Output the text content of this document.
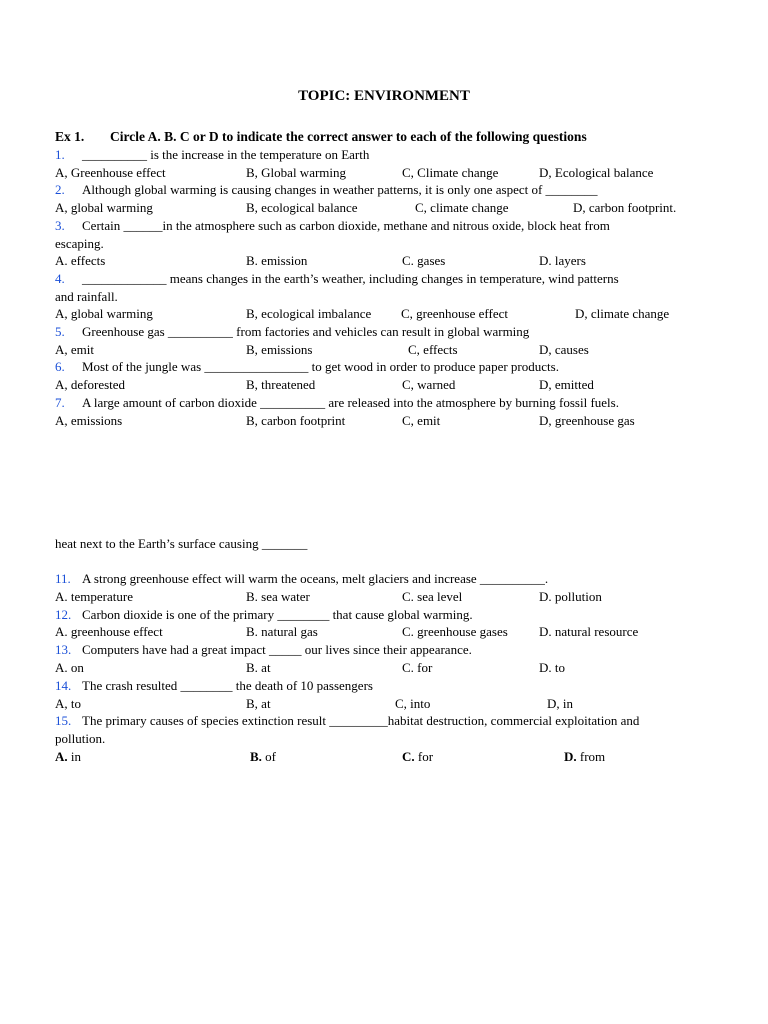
TOPIC: ENVIRONMENT
Ex 1. Circle A. B. C or D to indicate the correct answer to each of the following questions
1. __________ is the increase in the temperature on Earth
A, Greenhouse effect	B, Global warming	C, Climate change	D, Ecological balance
2. Although global warming is causing changes in weather patterns, it is only one aspect of ________
A, global warming	B, ecological balance	C, climate change	D, carbon footprint.
3. Certain ______in the atmosphere such as carbon dioxide, methane and nitrous oxide, block heat from
escaping.
A. effects	B. emission	C. gases	D. layers
4. _____________ means changes in the earth’s weather, including changes in temperature, wind patterns
and rainfall.
A, global warming	B, ecological imbalance C, greenhouse effect	D, climate change
5. Greenhouse gas __________ from factories and vehicles can result in global warming
A, emit	B, emissions	C, effects	D, causes
6. Most of the jungle was ________________ to get wood in order to produce paper products.
A, deforested	B, threatened	C, warned	D, emitted
7. A large amount of carbon dioxide __________ are released into the atmosphere by burning fossil fuels.
A, emissions	B, carbon footprint	C, emit	D, greenhouse gas
heat next to the Earth’s surface causing _______
11. A strong greenhouse effect will warm the oceans, melt glaciers and increase __________.
A. temperature	B. sea water	C. sea level	D. pollution
12. Carbon dioxide is one of the primary ________ that cause global warming.
A. greenhouse effect	B. natural gas	C. greenhouse gases D. natural resource
13. Computers have had a great impact _____ our lives since their appearance.
A. on	B. at	C. for	D. to
14. The crash resulted ________ the death of 10 passengers
A, to	B, at	C, into	D, in
15. The primary causes of species extinction result _________habitat destruction, commercial exploitation and
pollution.
A. in	B. of	C. for	D. from
